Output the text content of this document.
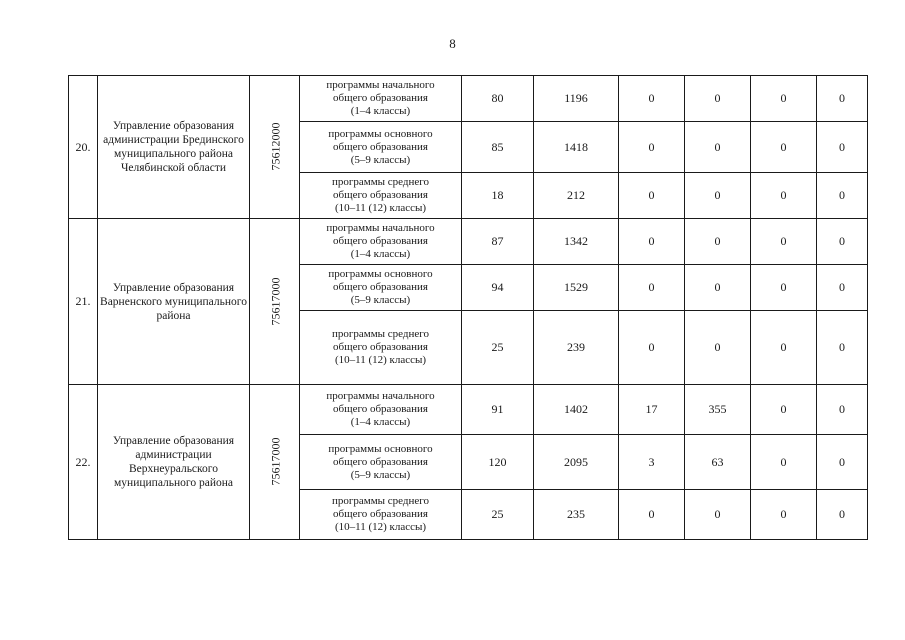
8
20.	Управление образования администрации Брединского муниципального района Челябинской области	75612000	программы начального
общего образования
(1–4 классы)	80	1196	0	0	0	0

			программы основного
общего образования
(5–9 классы)	85	1418	0	0	0	0

			программы среднего
общего образования
(10–11 (12) классы)	18	212	0	0	0	0
21.	Управление образования Варненского муниципального района	75617000	программы начального
общего образования
(1–4 классы)	87	1342	0	0	0	0

			программы основного
общего образования
(5–9 классы)	94	1529	0	0	0	0

			программы среднего
общего образования
(10–11 (12) классы)	25	239	0	0	0	0
22.	Управление образования администрации Верхнеуральского муниципального района	75617000	программы начального
общего образования
(1–4 классы)	91	1402	17	355	0	0

			программы основного
общего образования
(5–9 классы)	120	2095	3	63	0	0

			программы среднего
общего образования
(10–11 (12) классы)	25	235	0	0	0	0
